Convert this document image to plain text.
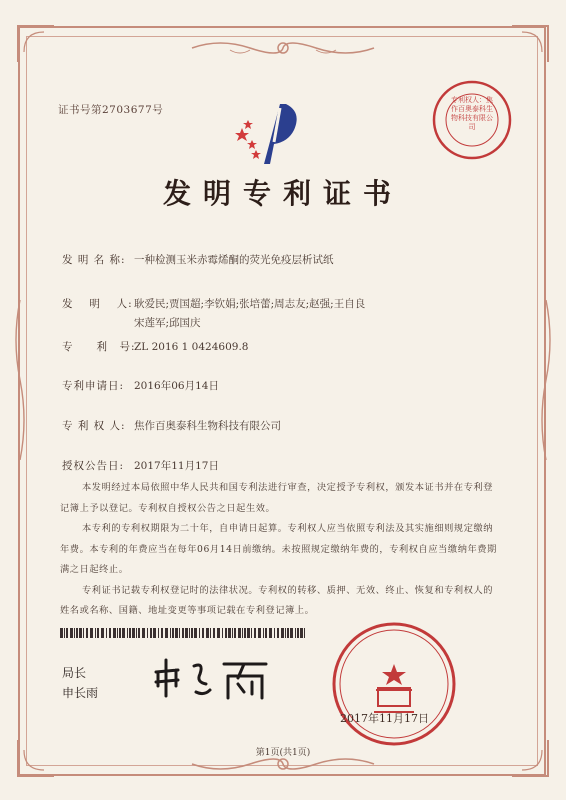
证书号第2703677号
专利权人：焦作百奥泰科生物科技有限公司
发明专利证书
发 明 名 称: 一种检测玉米赤霉烯酮的荧光免疫层析试纸
发　 明　 人:耿爱民;贾国超;李钦娟;张培蕾;周志友;赵强;王自良
宋莲军;邱国庆
专　　利　号:ZL 2016 1 0424609.8
专利申请日: 2016年06月14日
专 利 权 人: 焦作百奥泰科生物科技有限公司
授权公告日: 2017年11月17日

本发明经过本局依照中华人民共和国专利法进行审查，决定授予专利权，颁发本证书并在专利登记簿上予以登记。专利权自授权公告之日起生效。

本专利的专利权期限为二十年，自申请日起算。专利权人应当依照专利法及其实施细则规定缴纳年费。本专利的年费应当在每年06月14日前缴纳。未按照规定缴纳年费的，专利权自应当缴纳年费期满之日起终止。

专利证书记载专利权登记时的法律状况。专利权的转移、质押、无效、终止、恢复和专利权人的姓名或名称、国籍、地址变更等事项记载在专利登记簿上。

局长
申长雨
2017年11月17日
第1页(共1页)
